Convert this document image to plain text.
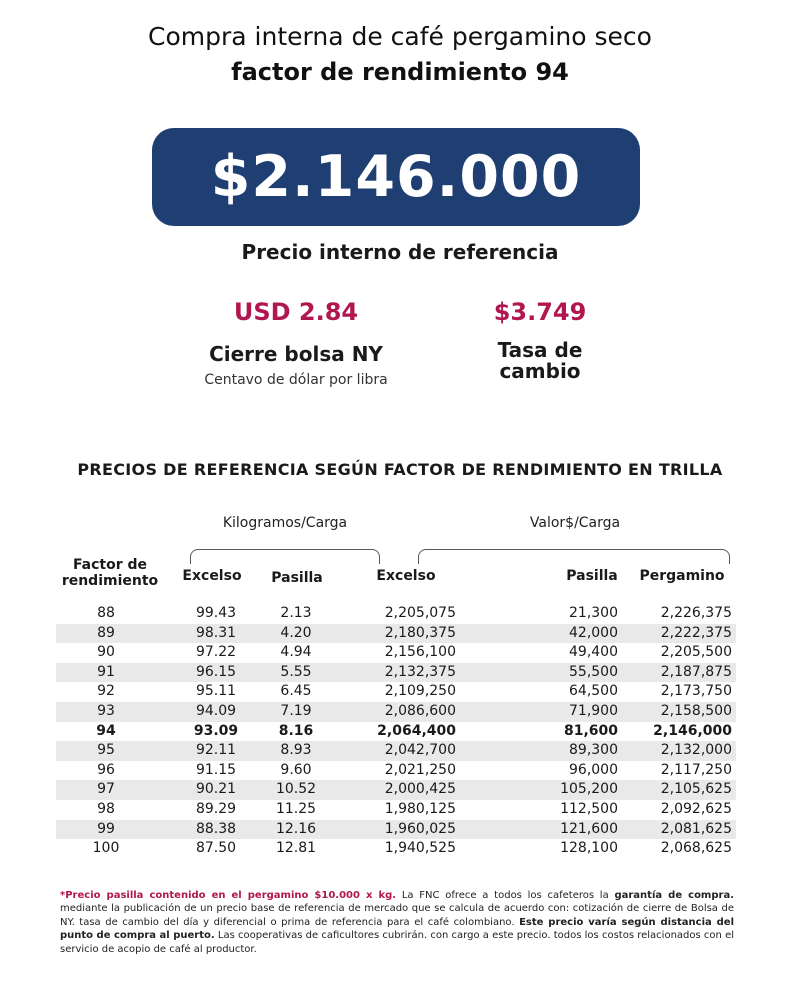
Compra interna de café pergamino seco
factor de rendimiento 94
$2.146.000
Precio interno de referencia
USD 2.84
Cierre bolsa NY
Centavo de dólar por libra
$3.749
Tasa de
cambio
PRECIOS DE REFERENCIA SEGÚN FACTOR DE RENDIMIENTO EN TRILLA
Kilogramos/Carga	Valor$/Carga
Factor de
rendimiento	Excelso	Pasilla	Excelso	Pasilla	Pergamino
88	99.43	2.13	2,205,075	21,300	2,226,375
89	98.31	4.20	2,180,375	42,000	2,222,375
90	97.22	4.94	2,156,100	49,400	2,205,500
91	96.15	5.55	2,132,375	55,500	2,187,875
92	95.11	6.45	2,109,250	64,500	2,173,750
93	94.09	7.19	2,086,600	71,900	2,158,500
94	93.09	8.16	2,064,400	81,600	2,146,000
95	92.11	8.93	2,042,700	89,300	2,132,000
96	91.15	9.60	2,021,250	96,000	2,117,250
97	90.21	10.52	2,000,425	105,200	2,105,625
98	89.29	11.25	1,980,125	112,500	2,092,625
99	88.38	12.16	1,960,025	121,600	2,081,625
100	87.50	12.81	1,940,525	128,100	2,068,625
*Precio pasilla contenido en el pergamino $10.000 x kg. La FNC ofrece a todos los cafeteros la garantía de compra. mediante la publicación de un precio base de referencia de mercado que se calcula de acuerdo con: cotización de cierre de Bolsa de NY. tasa de cambio del día y diferencial o prima de referencia para el café colombiano. Este precio varía según distancia del punto de compra al puerto. Las cooperativas de caficultores cubrirán. con cargo a este precio. todos los costos relacionados con el servicio de acopio de café al productor.
